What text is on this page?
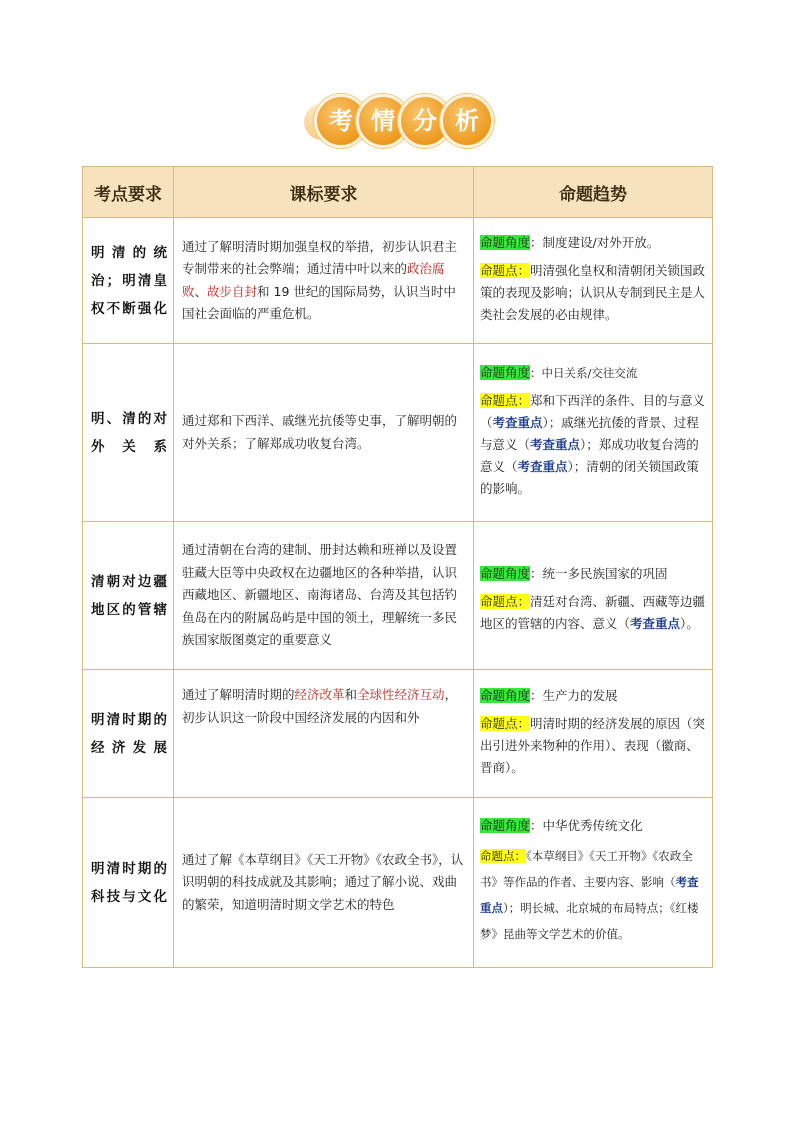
考 情 分 析
考点要求	课标要求	命题趋势
明清的统治；明清皇权不断强化	通过了解明清时期加强皇权的举措，初步认识君主专制带来的社会弊端；通过清中叶以来的政治腐败、故步自封和 19 世纪的国际局势，认识当时中国社会面临的严重危机。	命题角度：制度建设/对外开放。

命题点：明清强化皇权和清朝闭关锁国政策的表现及影响；认识从专制到民主是人类社会发展的必由规律。

明、清的对外关系	通过郑和下西洋、戚继光抗倭等史事，了解明朝的对外关系；了解郑成功收复台湾。	命题角度：中日关系/交往交流

命题点：郑和下西洋的条件、目的与意义（考查重点）；戚继光抗倭的背景、过程与意义（考查重点）；郑成功收复台湾的意义（考查重点）；清朝的闭关锁国政策的影响。

清朝对边疆地区的管辖	通过清朝在台湾的建制、册封达赖和班禅以及设置驻藏大臣等中央政权在边疆地区的各种举措，认识西藏地区、新疆地区、南海诸岛、台湾及其包括钓鱼岛在内的附属岛屿是中国的领土，理解统一多民族国家版图奠定的重要意义	命题角度：统一多民族国家的巩固

命题点：清廷对台湾、新疆、西藏等边疆地区的管辖的内容、意义（考查重点）。

明清时期的经济发展	通过了解明清时期的经济改革和全球性经济互动，初步认识这一阶段中国经济发展的内因和外	命题角度：生产力的发展

命题点：明清时期的经济发展的原因（突出引进外来物种的作用）、表现（徽商、晋商）。

明清时期的科技与文化	通过了解《本草纲目》《天工开物》《农政全书》，认识明朝的科技成就及其影响；通过了解小说、戏曲的繁荣，知道明清时期文学艺术的特色	命题角度：中华优秀传统文化

命题点：《本草纲目》《天工开物》《农政全书》等作品的作者、主要内容、影响（考查重点）；明长城、北京城的布局特点；《红楼梦》昆曲等文学艺术的价值。
